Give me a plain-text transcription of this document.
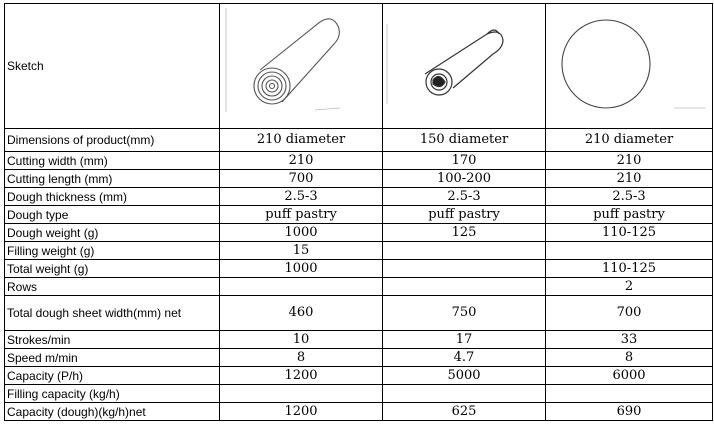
Sketch	

Dimensions of product(mm)	210 diameter	150 diameter	210 diameter
Cutting width (mm)	210	170	210
Cutting length (mm)	700	100-200	210
Dough thickness (mm)	2.5-3	2.5-3	2.5-3
Dough type	puff pastry	puff pastry	puff pastry
Dough weight (g)	1000	125	110-125
Filling weight (g)	15		
Total weight (g)	1000		110-125
Rows			2
Total dough sheet width(mm) net	460	750	700
Strokes/min	10	17	33
Speed m/min	8	4.7	8
Capacity (P/h)	1200	5000	6000
Filling capacity (kg/h)			
Capacity (dough)(kg/h)net	1200	625	690
